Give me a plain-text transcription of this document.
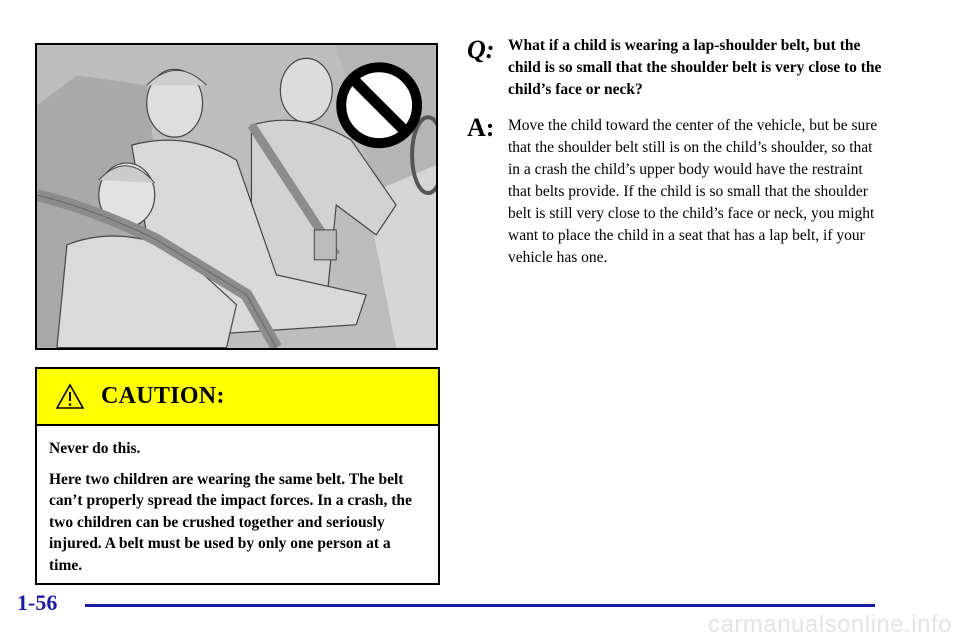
CAUTION:

Never do this.

Here two children are wearing the same belt. The belt can’t properly spread the impact forces. In a crash, the two children can be crushed together and seriously injured. A belt must be used by only one person at a time.

Q: What if a child is wearing a lap-shoulder belt, but the child is so small that the shoulder belt is very close to the child’s face or neck?
A: Move the child toward the center of the vehicle, but be sure that the shoulder belt still is on the child’s shoulder, so that in a crash the child’s upper body would have the restraint that belts provide. If the child is so small that the shoulder belt is still very close to the child’s face or neck, you might want to place the child in a seat that has a lap belt, if your vehicle has one.
1-56
carmanualsonline.info
